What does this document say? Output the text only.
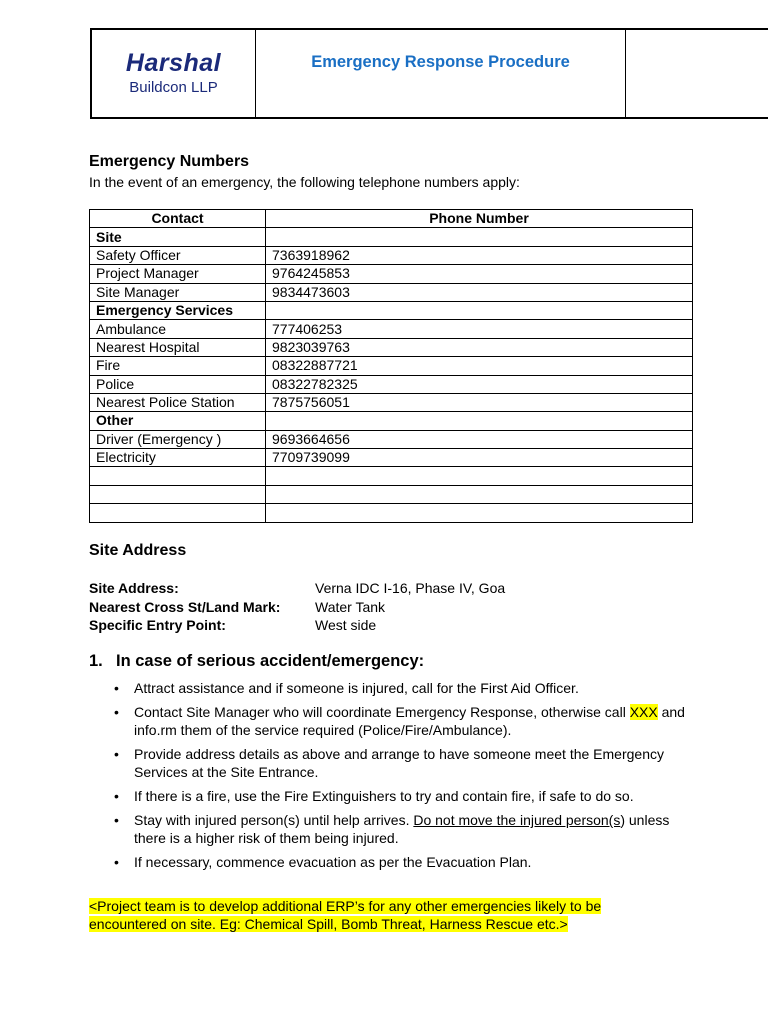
Harshal
Buildcon LLP
Emergency Response Procedure
Emergency Numbers
In the event of an emergency, the following telephone numbers apply:
Contact	Phone Number
Site	
Safety Officer	7363918962
Project Manager	9764245853
Site Manager	9834473603
Emergency Services	
Ambulance	777406253
Nearest Hospital	9823039763
Fire	08322887721
Police	08322782325
Nearest Police Station	7875756051
Other	
Driver (Emergency )	9693664656
Electricity	7709739099

Site Address
Site Address:	Verna IDC I-16, Phase IV, Goa
Nearest Cross St/Land Mark:	Water Tank
Specific Entry Point:	West side
1. In case of serious accident/emergency:
• Attract assistance and if someone is injured, call for the First Aid Officer.
• Contact Site Manager who will coordinate Emergency Response, otherwise call XXX and info.rm them of the service required (Police/Fire/Ambulance).
• Provide address details as above and arrange to have someone meet the Emergency Services at the Site Entrance.
• If there is a fire, use the Fire Extinguishers to try and contain fire, if safe to do so.
• Stay with injured person(s) until help arrives. Do not move the injured person(s) unless there is a higher risk of them being injured.
• If necessary, commence evacuation as per the Evacuation Plan.
<Project team is to develop additional ERP’s for any other emergencies likely to be encountered on site. Eg: Chemical Spill, Bomb Threat, Harness Rescue etc.>
